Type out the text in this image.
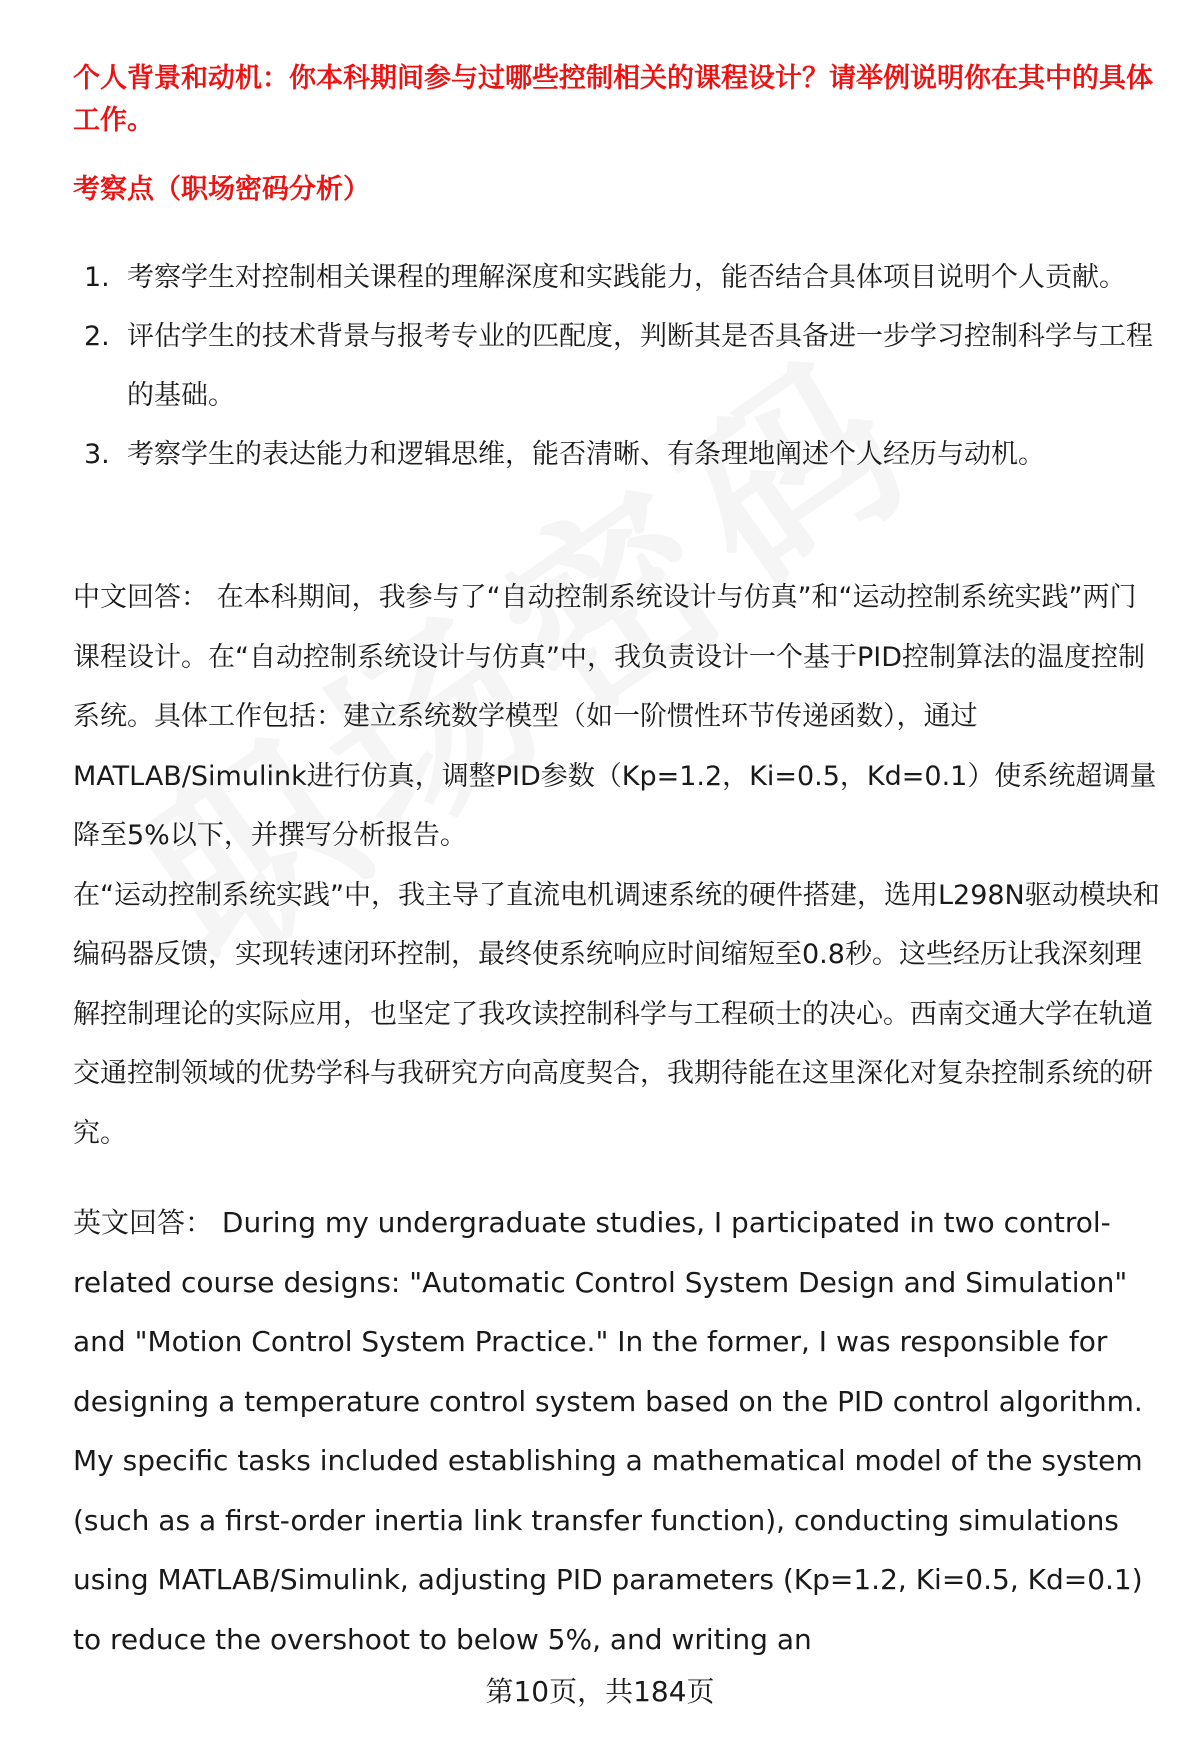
个人背景和动机：你本科期间参与过哪些控制相关的课程设计？请举例说明你在其中的具体工作。
考察点（职场密码分析）
1. 考察学生对控制相关课程的理解深度和实践能力，能否结合具体项目说明个人贡献。
2. 评估学生的技术背景与报考专业的匹配度，判断其是否具备进一步学习控制科学与工程的基础。
3. 考察学生的表达能力和逻辑思维，能否清晰、有条理地阐述个人经历与动机。

中文回答： 在本科期间，我参与了“自动控制系统设计与仿真”和“运动控制系统实践”两门课程设计。在“自动控制系统设计与仿真”中，我负责设计一个基于PID控制算法的温度控制系统。具体工作包括：建立系统数学模型（如一阶惯性环节传递函数），通过MATLAB/Simulink进行仿真，调整PID参数（Kp=1.2，Ki=0.5，Kd=0.1）使系统超调量降至5%以下，并撰写分析报告。

在“运动控制系统实践”中，我主导了直流电机调速系统的硬件搭建，选用L298N驱动模块和编码器反馈，实现转速闭环控制，最终使系统响应时间缩短至0.8秒。这些经历让我深刻理解控制理论的实际应用，也坚定了我攻读控制科学与工程硕士的决心。西南交通大学在轨道交通控制领域的优势学科与我研究方向高度契合，我期待能在这里深化对复杂控制系统的研究。

英文回答： During my undergraduate studies, I participated in two control-related course designs: "Automatic Control System Design and Simulation" and "Motion Control System Practice." In the former, I was responsible for designing a temperature control system based on the PID control algorithm. My specific tasks included establishing a mathematical model of the system (such as a first-order inertia link transfer function), conducting simulations using MATLAB/Simulink, adjusting PID parameters (Kp=1.2, Ki=0.5, Kd=0.1) to reduce the overshoot to below 5%, and writing an

第10页，共184页
